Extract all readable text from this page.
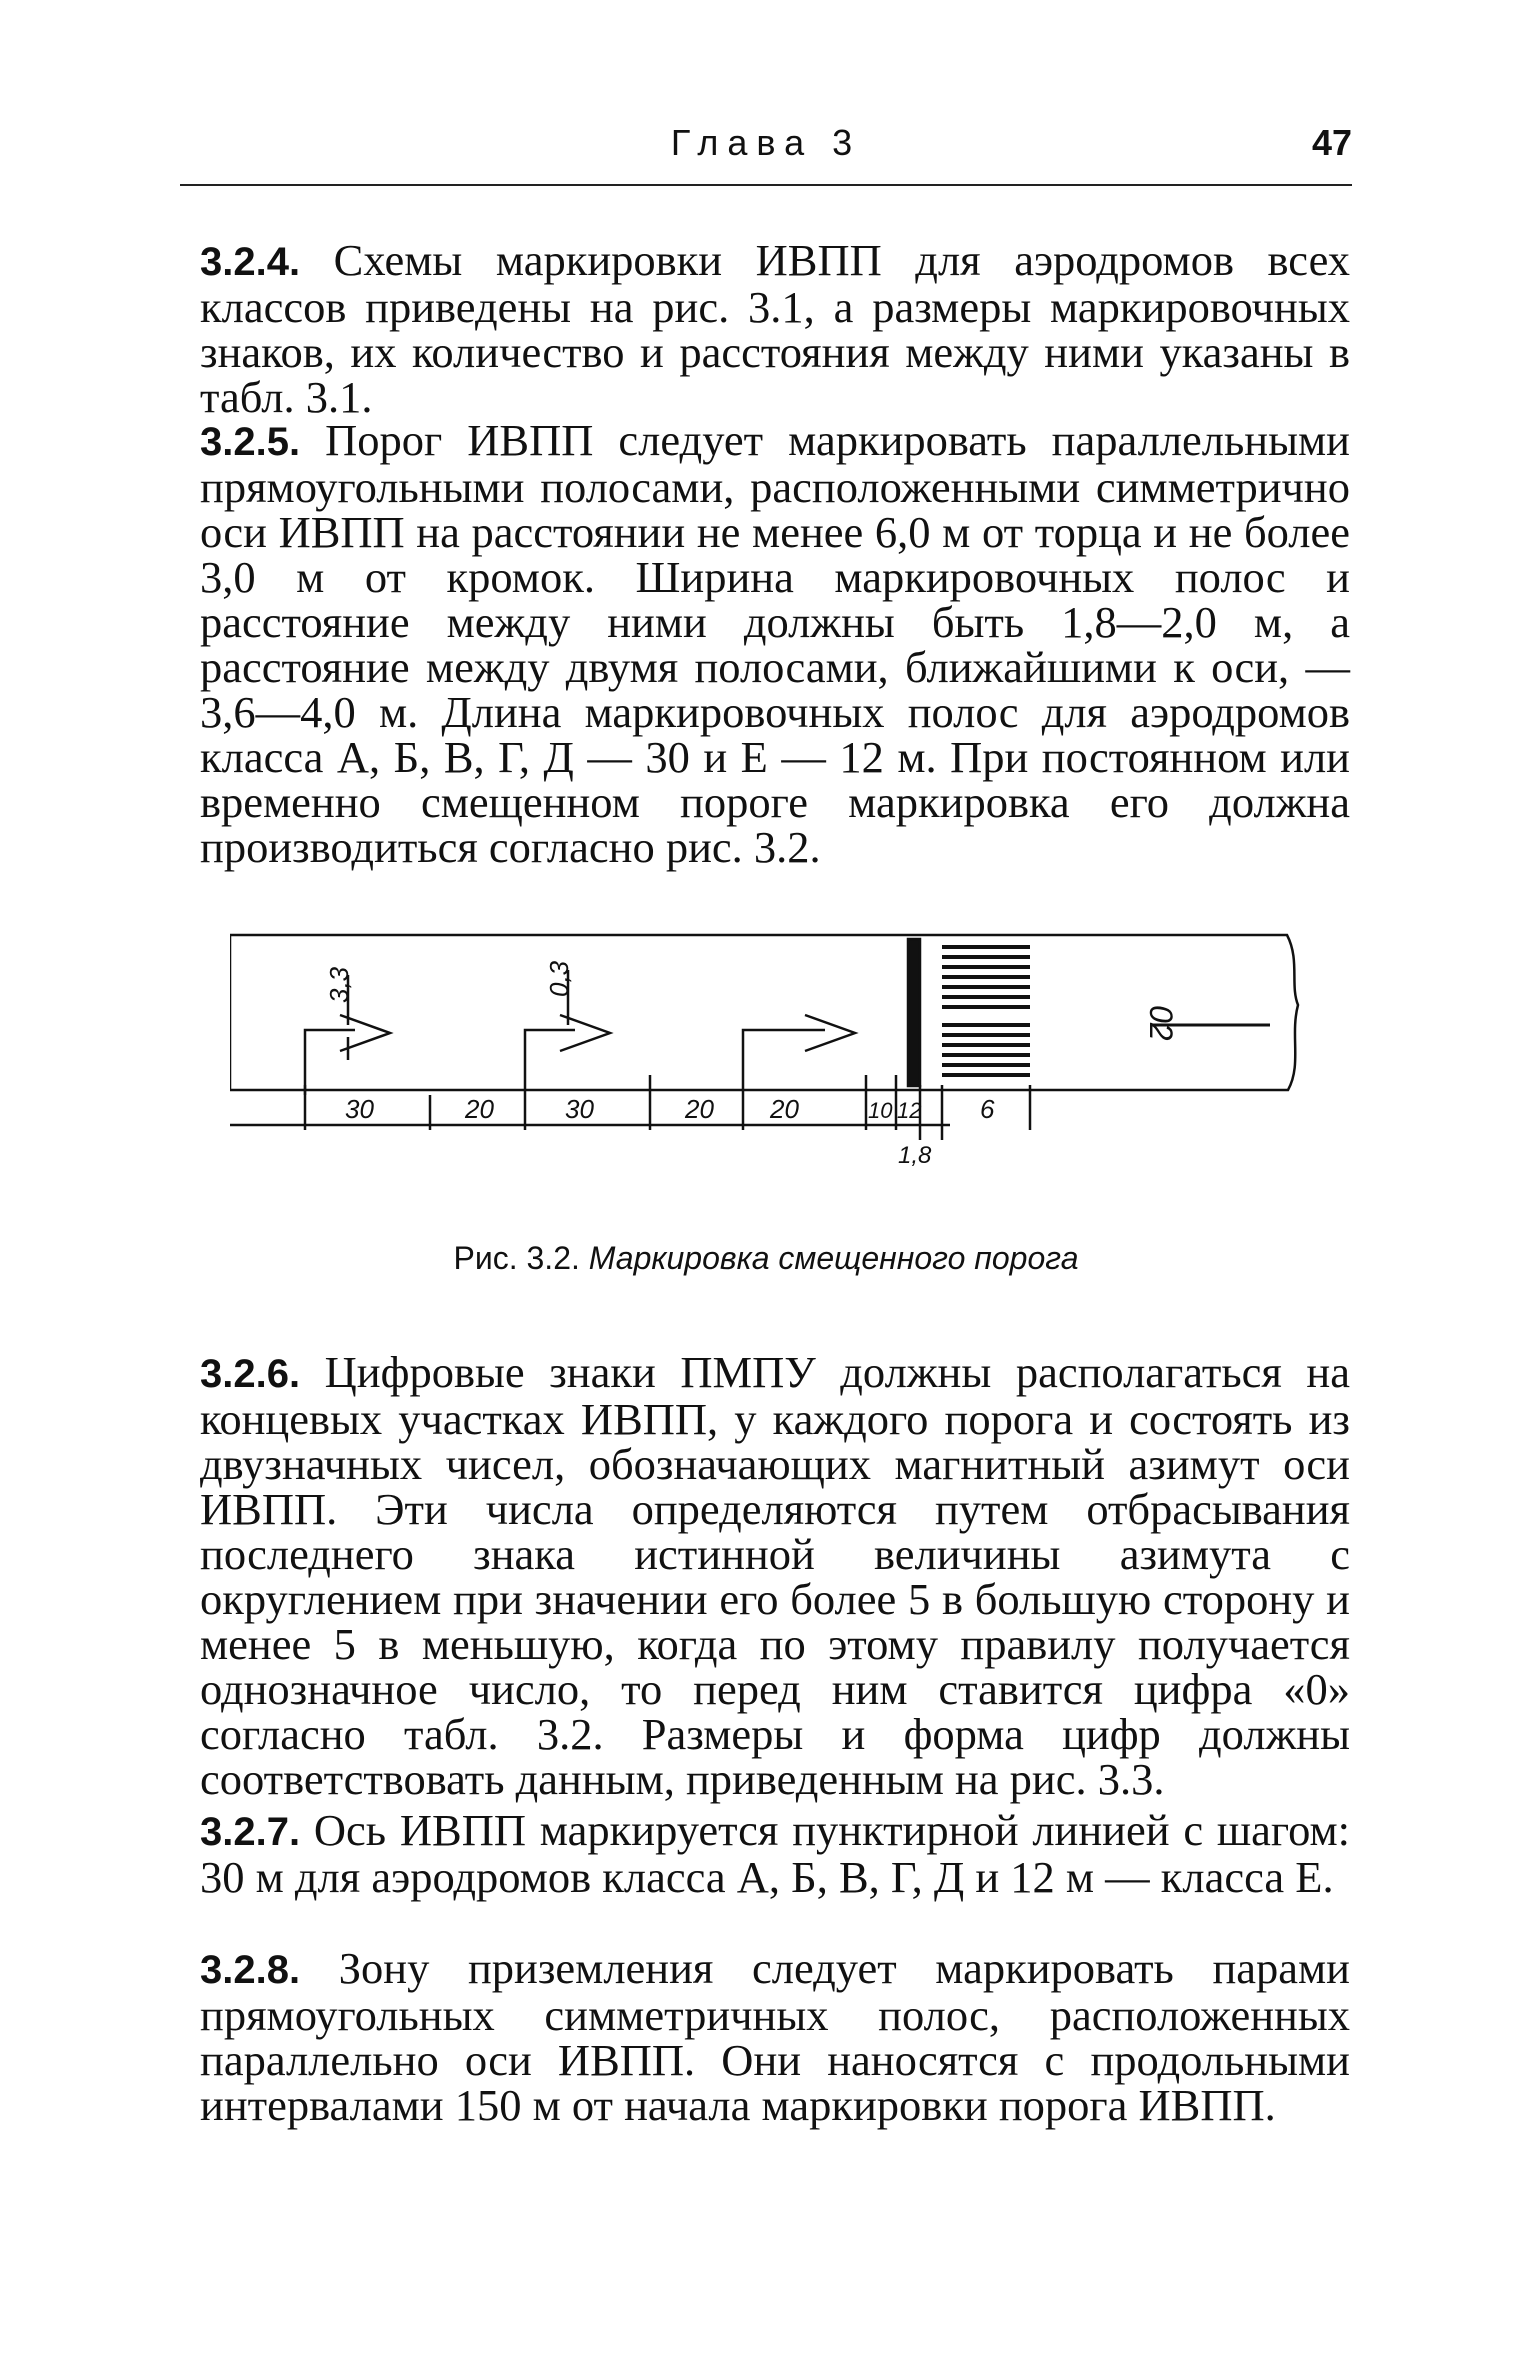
Глава 3	47
3.2.4. Схемы маркировки ИВПП для аэродромов всех классов приведены на рис. 3.1, а размеры маркировочных знаков, их количество и расстояния между ними указаны в табл. 3.1.
3.2.5. Порог ИВПП следует маркировать параллельными прямоугольными полосами, расположенными симметрично оси ИВПП на расстоянии не менее 6,0 м от торца и не более 3,0 м от кромок. Ширина маркировочных полос и расстояние между ними должны быть 1,8—2,0 м, а расстояние между двумя полосами, ближайшими к оси, — 3,6—4,0 м. Длина маркировочных полос для аэродромов класса А, Б, В, Г, Д — 30 и Е — 12 м. При постоянном или временно смещенном пороге маркировка его должна производиться согласно рис. 3.2.
3,3	0,3
30	20	30	20 20	10 12
1,8
6
02
Рис. 3.2. Маркировка смещенного порога
3.2.6. Цифровые знаки ПМПУ должны располагаться на концевых участках ИВПП, у каждого порога и состоять из двузначных чисел, обозначающих магнитный азимут оси ИВПП. Эти числа определяются путем отбрасывания последнего знака истинной величины азимута с округлением при значении его более 5 в большую сторону и менее 5 в меньшую, когда по этому правилу получается однозначное число, то перед ним ставится цифра «0» согласно табл. 3.2. Размеры и форма цифр должны соответствовать данным, приведенным на рис. 3.3.
3.2.7. Ось ИВПП маркируется пунктирной линией с шагом: 30 м для аэродромов класса А, Б, В, Г, Д и 12 м — класса Е.
3.2.8. Зону приземления следует маркировать парами прямоугольных симметричных полос, расположенных параллельно оси ИВПП. Они наносятся с продольными интервалами 150 м от начала маркировки порога ИВПП.
